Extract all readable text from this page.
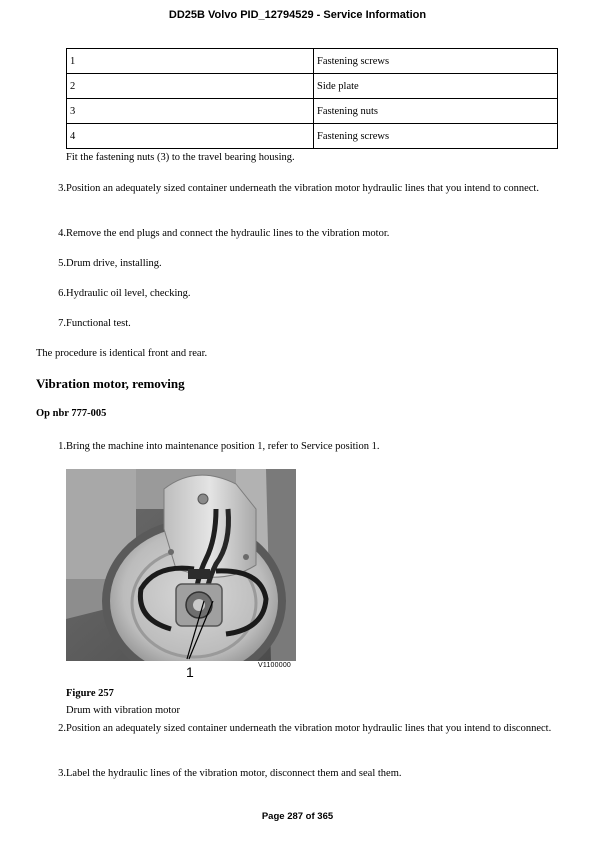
DD25B Volvo PID_12794529 - Service Information
1	Fastening screws
2	Side plate
3	Fastening nuts
4	Fastening screws
Fit the fastening nuts (3) to the travel bearing housing.
3. Position an adequately sized container underneath the vibration motor hydraulic lines that you intend to connect.
4. Remove the end plugs and connect the hydraulic lines to the vibration motor.
5. Drum drive, installing.
6. Hydraulic oil level, checking.
7. Functional test.
The procedure is identical front and rear.
Vibration motor, removing
Op nbr 777-005
1. Bring the machine into maintenance position 1, refer to Service position 1.
1	V1100000
Figure 257
Drum with vibration motor
2. Position an adequately sized container underneath the vibration motor hydraulic lines that you intend to disconnect.
3. Label the hydraulic lines of the vibration motor, disconnect them and seal them.
Page 287 of 365
